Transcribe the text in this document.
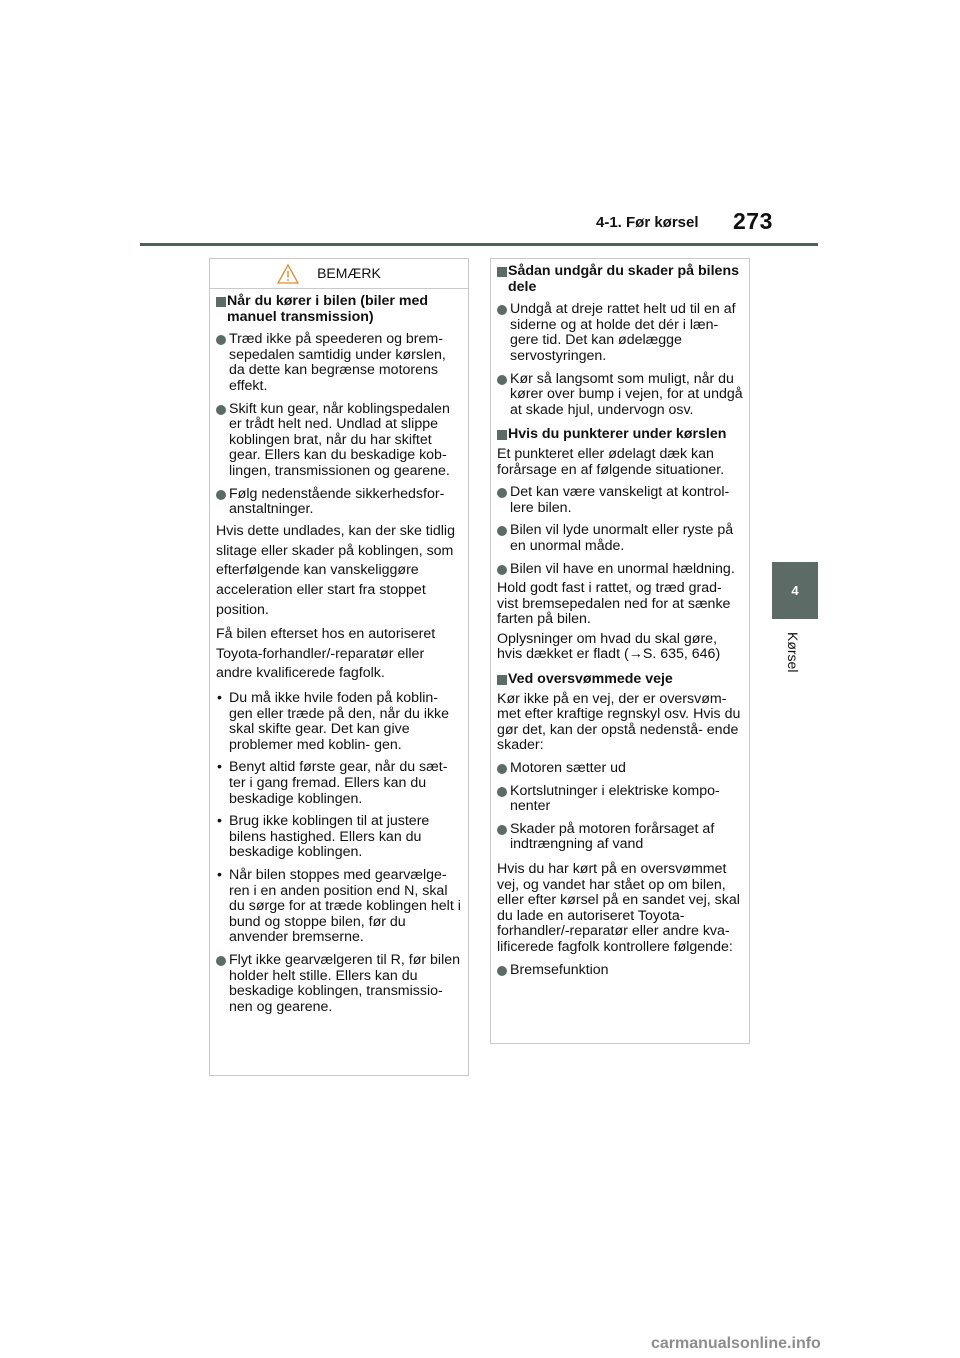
4-1. Før kørsel 273
4
Kørsel
BEMÆRK
Når du kører i bilen (biler med manuel transmission)
Træd ikke på speederen og brem- sepedalen samtidig under kørslen, da dette kan begrænse motorens effekt.
Skift kun gear, når koblingspedalen er trådt helt ned. Undlad at slippe koblingen brat, når du har skiftet gear. Ellers kan du beskadige kob- lingen, transmissionen og gearene.
Følg nedenstående sikkerhedsfor- anstaltninger.
Hvis dette undlades, kan der ske tidlig slitage eller skader på koblingen, som efterfølgende kan vanskeliggøre acceleration eller start fra stoppet position.
Få bilen efterset hos en autoriseret Toyota-forhandler/-reparatør eller andre kvalificerede fagfolk.
• Du må ikke hvile foden på koblin- gen eller træde på den, når du ikke skal skifte gear. Det kan give problemer med koblin- gen.
• Benyt altid første gear, når du sæt- ter i gang fremad. Ellers kan du beskadige koblingen.
• Brug ikke koblingen til at justere bilens hastighed. Ellers kan du beskadige koblingen.
• Når bilen stoppes med gearvælge- ren i en anden position end N, skal du sørge for at træde koblingen helt i bund og stoppe bilen, før du anvender bremserne.
Flyt ikke gearvælgeren til R, før bilen holder helt stille. Ellers kan du beskadige koblingen, transmissio- nen og gearene.
Sådan undgår du skader på bilens dele
Undgå at dreje rattet helt ud til en af siderne og at holde det dér i læn- gere tid. Det kan ødelægge servostyringen.
Kør så langsomt som muligt, når du kører over bump i vejen, for at undgå at skade hjul, undervogn osv.
Hvis du punkterer under kørslen
Et punkteret eller ødelagt dæk kan forårsage en af følgende situationer.
Det kan være vanskeligt at kontrol- lere bilen.
Bilen vil lyde unormalt eller ryste på en unormal måde.
Bilen vil have en unormal hældning.
Hold godt fast i rattet, og træd grad- vist bremsepedalen ned for at sænke farten på bilen.
Oplysninger om hvad du skal gøre, hvis dækket er fladt (→S. 635, 646)
Ved oversvømmede veje
Kør ikke på en vej, der er oversvøm- met efter kraftige regnskyl osv. Hvis du gør det, kan der opstå nedenstå- ende skader:
Motoren sætter ud
Kortslutninger i elektriske kompo- nenter
Skader på motoren forårsaget af indtrængning af vand
Hvis du har kørt på en oversvømmet vej, og vandet har stået op om bilen, eller efter kørsel på en sandet vej, skal du lade en autoriseret Toyota- forhandler/-reparatør eller andre kva- lificerede fagfolk kontrollere følgende:
Bremsefunktion
carmanualsonline.info
